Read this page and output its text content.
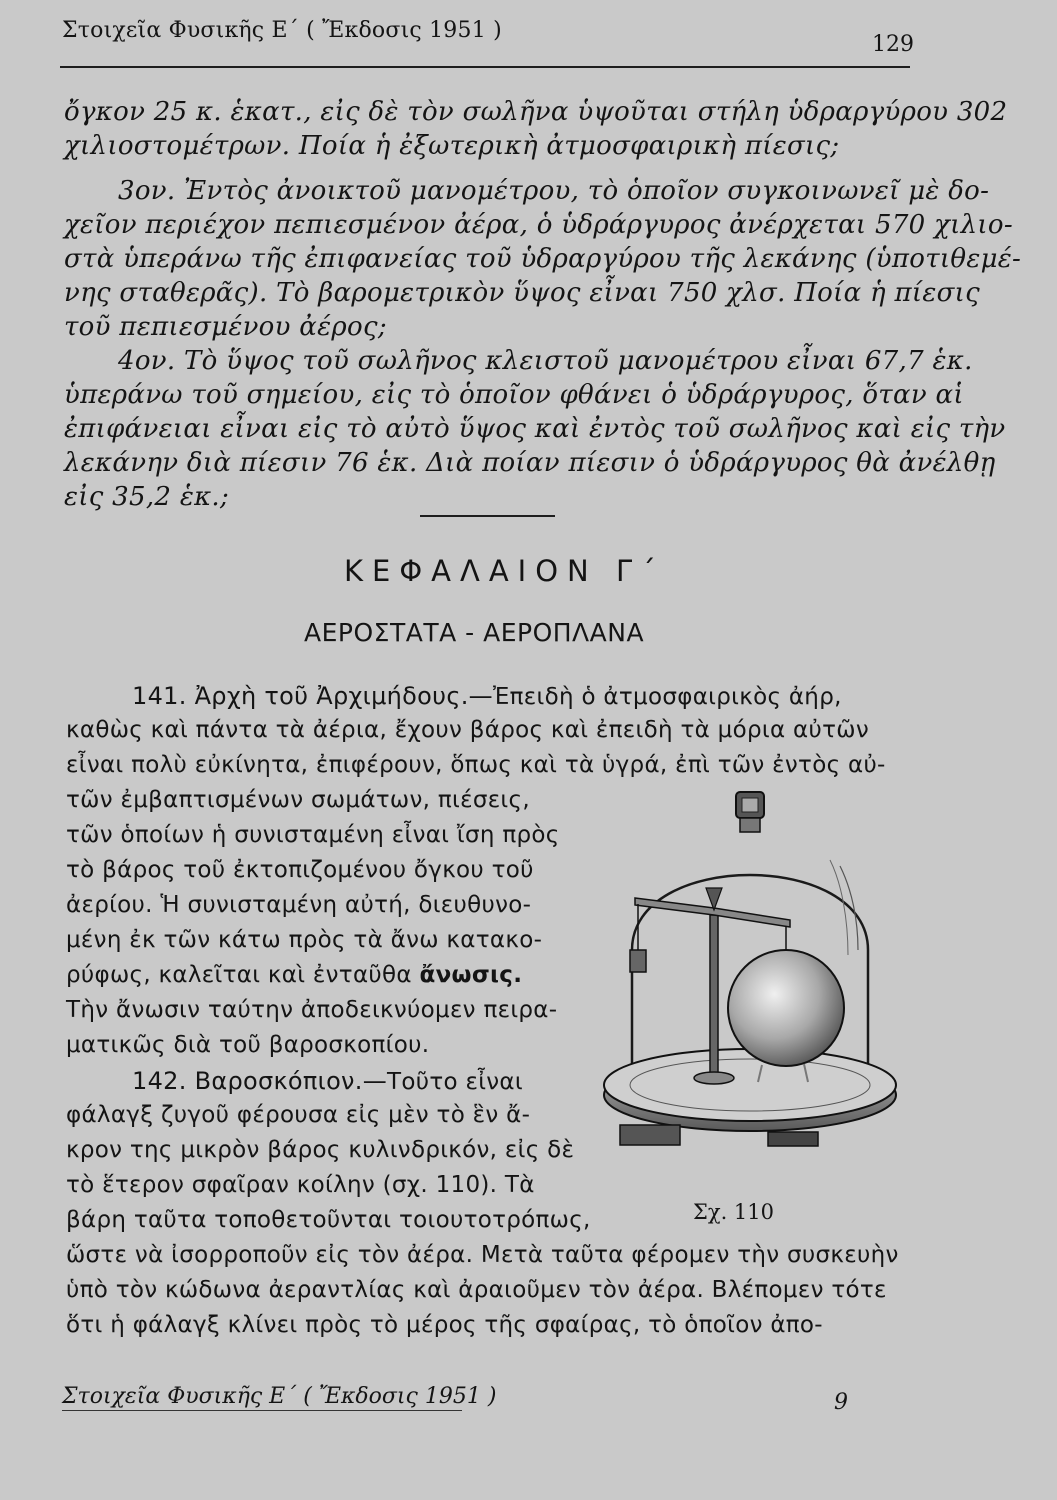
Στοιχεῖα Φυσικῆς Ε΄ ( Ἔκδοσις 1951 )
129
ὄγκον 25 κ. ἑκατ., εἰς δὲ τὸν σωλῆνα ὑψοῦται στήλη ὑδραργύρου 302
χιλιοστομέτρων. Ποία ἡ ἐξωτερικὴ ἀτμοσφαιρικὴ πίεσις;
3ον. Ἐντὸς ἀνοικτοῦ μανομέτρου, τὸ ὁποῖον συγκοινωνεῖ μὲ δο-
χεῖον περιέχον πεπιεσμένον ἀέρα, ὁ ὑδράργυρος ἀνέρχεται 570 χιλιο-
στὰ ὑπεράνω τῆς ἐπιφανείας τοῦ ὑδραργύρου τῆς λεκάνης (ὑποτιθεμέ-
νης σταθερᾶς). Τὸ βαρομετρικὸν ὕψος εἶναι 750 χλσ. Ποία ἡ πίεσις
τοῦ πεπιεσμένου ἀέρος;
4ον. Τὸ ὕψος τοῦ σωλῆνος κλειστοῦ μανομέτρου εἶναι 67,7 ἑκ.
ὑπεράνω τοῦ σημείου, εἰς τὸ ὁποῖον φθάνει ὁ ὑδράργυρος, ὅταν αἱ
ἐπιφάνειαι εἶναι εἰς τὸ αὐτὸ ὕψος καὶ ἐντὸς τοῦ σωλῆνος καὶ εἰς τὴν
λεκάνην διὰ πίεσιν 76 ἑκ. Διὰ ποίαν πίεσιν ὁ ὑδράργυρος θὰ ἀνέλθῃ
εἰς 35,2 ἑκ.;
ΚΕΦΑΛΑΙΟΝ Γ΄
ΑΕΡΟΣΤΑΤΑ - ΑΕΡΟΠΛΑΝΑ
141. Ἀρχὴ τοῦ Ἀρχιμήδους.—Ἐπειδὴ ὁ ἀτμοσφαιρικὸς ἀήρ,
καθὼς καὶ πάντα τὰ ἀέρια, ἔχουν βάρος καὶ ἐπειδὴ τὰ μόρια αὐτῶν
εἶναι πολὺ εὐκίνητα, ἐπιφέρουν, ὅπως καὶ τὰ ὑγρά, ἐπὶ τῶν ἐντὸς αὐ-
τῶν ἐμβαπτισμένων σωμάτων, πιέσεις,
τῶν ὁποίων ἡ συνισταμένη εἶναι ἴση πρὸς
τὸ βάρος τοῦ ἐκτοπιζομένου ὄγκου τοῦ
ἀερίου. Ἡ συνισταμένη αὐτή, διευθυνο-
μένη ἐκ τῶν κάτω πρὸς τὰ ἄνω κατακο-
ρύφως, καλεῖται καὶ ἐνταῦθα ἄνωσις.
Τὴν ἄνωσιν ταύτην ἀποδεικνύομεν πειρα-
ματικῶς διὰ τοῦ βαροσκοπίου.
142. Βαροσκόπιον.—Τοῦτο εἶναι
φάλαγξ ζυγοῦ φέρουσα εἰς μὲν τὸ ἓν ἄ-
κρον της μικρὸν βάρος κυλινδρικόν, εἰς δὲ
τὸ ἕτερον σφαῖραν κοίλην (σχ. 110). Τὰ
βάρη ταῦτα τοποθετοῦνται τοιουτοτρόπως,
ὥστε νὰ ἰσορροποῦν εἰς τὸν ἀέρα. Μετὰ ταῦτα φέρομεν τὴν συσκευὴν
ὑπὸ τὸν κώδωνα ἀεραντλίας καὶ ἀραιοῦμεν τὸν ἀέρα. Βλέπομεν τότε
ὅτι ἡ φάλαγξ κλίνει πρὸς τὸ μέρος τῆς σφαίρας, τὸ ὁποῖον ἀπο-
Σχ. 110
Στοιχεῖα Φυσικῆς Ε΄ ( Ἔκδοσις 1951 )	9
